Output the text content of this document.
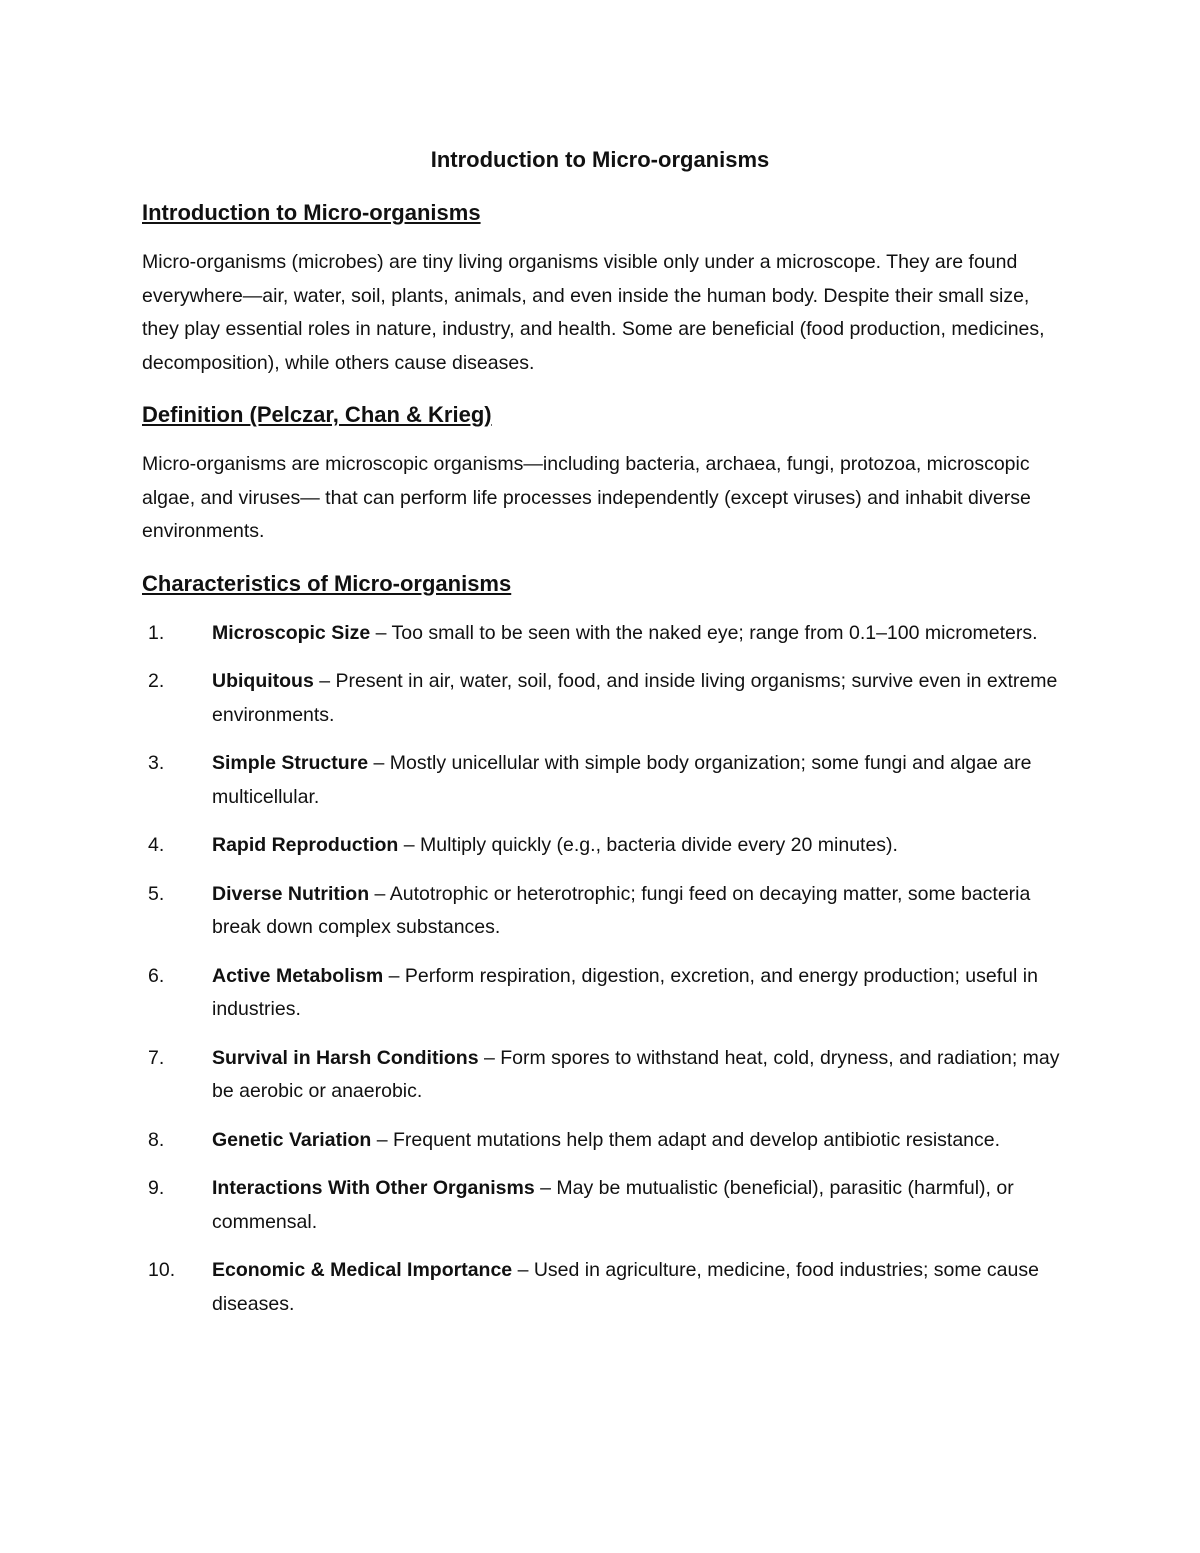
Introduction to Micro-organisms
Introduction to Micro-organisms

Micro-organisms (microbes) are tiny living organisms visible only under a microscope. They are found everywhere—air, water, soil, plants, animals, and even inside the human body. Despite their small size, they play essential roles in nature, industry, and health. Some are beneficial (food production, medicines, decomposition), while others cause diseases.

Definition (Pelczar, Chan & Krieg)

Micro-organisms are microscopic organisms—including bacteria, archaea, fungi, protozoa, microscopic algae, and viruses— that can perform life processes independently (except viruses) and inhabit diverse environments.

Characteristics of Micro-organisms
1. Microscopic Size – Too small to be seen with the naked eye; range from 0.1–100 micrometers.
2. Ubiquitous – Present in air, water, soil, food, and inside living organisms; survive even in extreme environments.
3. Simple Structure – Mostly unicellular with simple body organization; some fungi and algae are multicellular.
4. Rapid Reproduction – Multiply quickly (e.g., bacteria divide every 20 minutes).
5. Diverse Nutrition – Autotrophic or heterotrophic; fungi feed on decaying matter, some bacteria break down complex substances.
6. Active Metabolism – Perform respiration, digestion, excretion, and energy production; useful in industries.
7. Survival in Harsh Conditions – Form spores to withstand heat, cold, dryness, and radiation; may be aerobic or anaerobic.
8. Genetic Variation – Frequent mutations help them adapt and develop antibiotic resistance.
9. Interactions With Other Organisms – May be mutualistic (beneficial), parasitic (harmful), or commensal.
10. Economic & Medical Importance – Used in agriculture, medicine, food industries; some cause diseases.
